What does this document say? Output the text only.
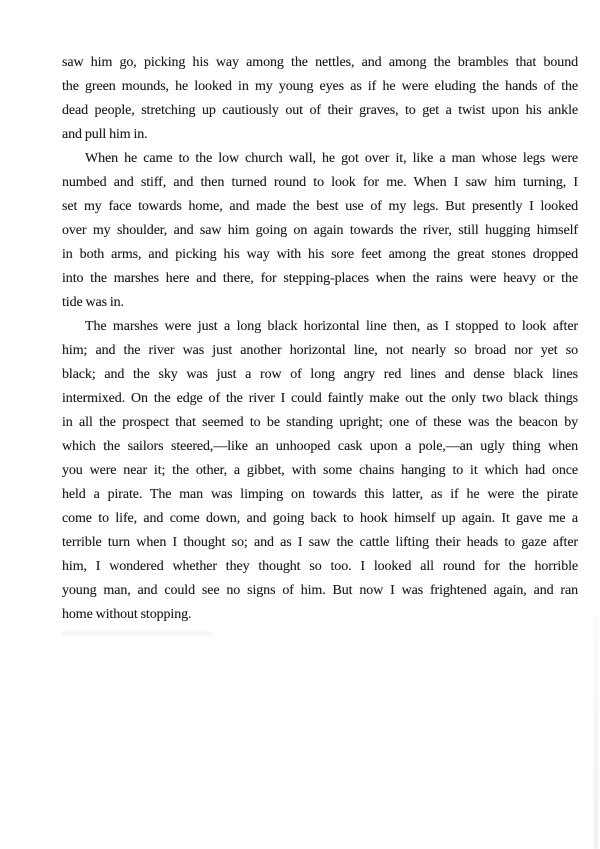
saw him go, picking his way among the nettles, and among the brambles that bound
the green mounds, he looked in my young eyes as if he were eluding the hands of the
dead people, stretching up cautiously out of their graves, to get a twist upon his ankle
and pull him in.
When he came to the low church wall, he got over it, like a man whose legs were
numbed and stiff, and then turned round to look for me. When I saw him turning, I
set my face towards home, and made the best use of my legs. But presently I looked
over my shoulder, and saw him going on again towards the river, still hugging himself
in both arms, and picking his way with his sore feet among the great stones dropped
into the marshes here and there, for stepping-places when the rains were heavy or the
tide was in.
The marshes were just a long black horizontal line then, as I stopped to look after
him; and the river was just another horizontal line, not nearly so broad nor yet so
black; and the sky was just a row of long angry red lines and dense black lines
intermixed. On the edge of the river I could faintly make out the only two black things
in all the prospect that seemed to be standing upright; one of these was the beacon by
which the sailors steered,—like an unhooped cask upon a pole,—an ugly thing when
you were near it; the other, a gibbet, with some chains hanging to it which had once
held a pirate. The man was limping on towards this latter, as if he were the pirate
come to life, and come down, and going back to hook himself up again. It gave me a
terrible turn when I thought so; and as I saw the cattle lifting their heads to gaze after
him, I wondered whether they thought so too. I looked all round for the horrible
young man, and could see no signs of him. But now I was frightened again, and ran
home without stopping.
